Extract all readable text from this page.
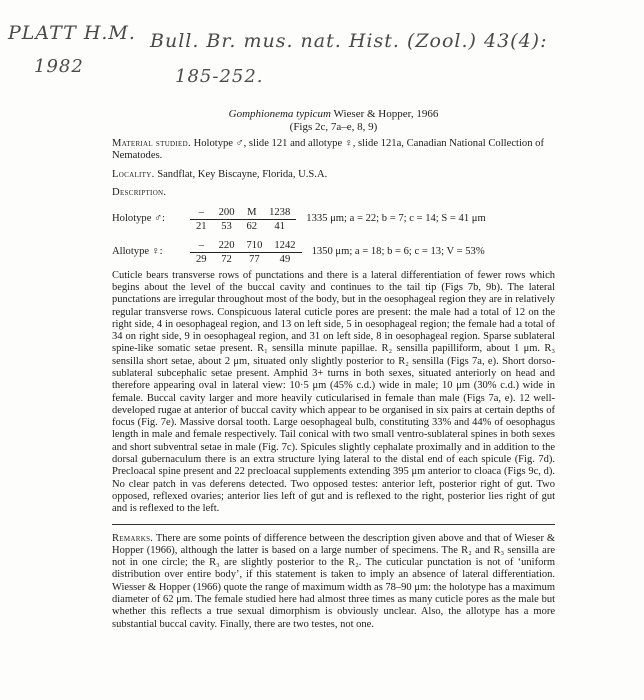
PLATT H.M.
1982
Bull. Br. mus. nat. Hist. (Zool.) 43(4):
185-252.
Gomphionema typicum Wieser & Hopper, 1966
(Figs 2c, 7a–e, 8, 9)

Material studied. Holotype ♂, slide 121 and allotype ♀, slide 121a, Canadian National Collection of Nematodes.

Locality. Sandflat, Key Biscayne, Florida, U.S.A.

Description.

Holotype ♂:
–	200	M	1238
21	53	62	41
1335 μm; a = 22; b = 7; c = 14; S = 41 μm
Allotype ♀:
–	220	710	1242
29	72	77	49
1350 μm; a = 18; b = 6; c = 13; V = 53%

Cuticle bears transverse rows of punctations and there is a lateral differentiation of fewer rows which begins about the level of the buccal cavity and continues to the tail tip (Figs 7b, 9b). The lateral punctations are irregular throughout most of the body, but in the oesophageal region they are in relatively regular transverse rows. Conspicuous lateral cuticle pores are present: the male had a total of 12 on the right side, 4 in oesophageal region, and 13 on left side, 5 in oesophageal region; the female had a total of 34 on right side, 9 in oesophageal region, and 31 on left side, 8 in oesophageal region. Sparse sublateral spine-like somatic setae present. R₁ sensilla minute papillae. R₂ sensilla papilliform, about 1 μm. R₃ sensilla short setae, about 2 μm, situated only slightly posterior to R₂ sensilla (Figs 7a, e). Short dorso-sublateral subcephalic setae present. Amphid 3+ turns in both sexes, situated anteriorly on head and therefore appearing oval in lateral view: 10·5 μm (45% c.d.) wide in male; 10 μm (30% c.d.) wide in female. Buccal cavity larger and more heavily cuticularised in female than male (Figs 7a, e). 12 well-developed rugae at anterior of buccal cavity which appear to be organised in six pairs at certain depths of focus (Fig. 7e). Massive dorsal tooth. Large oesophageal bulb, constituting 33% and 44% of oesophagus length in male and female respectively. Tail conical with two small ventro-sublateral spines in both sexes and short subventral setae in male (Fig. 7c). Spicules slightly cephalate proximally and in addition to the dorsal gubernaculum there is an extra structure lying lateral to the distal end of each spicule (Fig. 7d). Precloacal spine present and 22 precloacal supplements extending 395 μm anterior to cloaca (Figs 9c, d). No clear patch in vas deferens detected. Two opposed testes: anterior left, posterior right of gut. Two opposed, reflexed ovaries; anterior lies left of gut and is reflexed to the right, posterior lies right of gut and is reflexed to the left.

Remarks. There are some points of difference between the description given above and that of Wieser & Hopper (1966), although the latter is based on a large number of specimens. The R₂ and R₃ sensilla are not in one circle; the R₃ are slightly posterior to the R₂. The cuticular punctation is not of ‘uniform distribution over entire body’, if this statement is taken to imply an absence of lateral differentiation. Wiesser & Hopper (1966) quote the range of maximum width as 78–90 μm: the holotype has a maximum diameter of 62 μm. The female studied here had almost three times as many cuticle pores as the male but whether this reflects a true sexual dimorphism is obviously unclear. Also, the allotype has a more substantial buccal cavity. Finally, there are two testes, not one.
